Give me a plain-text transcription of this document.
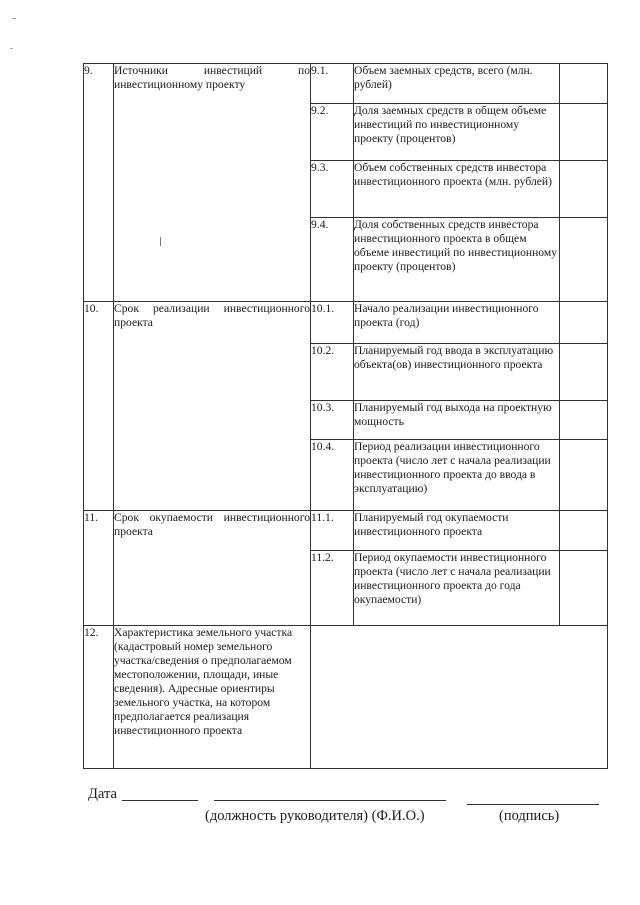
9.	Источники инвестиций по инвестиционному проекту	9.1.	Объем заемных средств, всего (млн. рублей)	
		9.2.	Доля заемных средств в общем объеме инвестиций по инвестиционному проекту (процентов)	
		9.3.	Объем собственных средств инвестора инвестиционного проекта (млн. рублей)	
		9.4.	Доля собственных средств инвестора инвестиционного проекта в общем объеме инвестиций по инвестиционному проекту (процентов)	
10.	Срок реализации инвестиционного проекта	10.1.	Начало реализации инвестиционного проекта (год)	
		10.2.	Планируемый год ввода в эксплуатацию объекта(ов) инвестиционного проекта	
		10.3.	Планируемый год выхода на проектную мощность	
		10.4.	Период реализации инвестиционного проекта (число лет с начала реализации инвестиционного проекта до ввода в эксплуатацию)	
11.	Срок окупаемости инвестиционного проекта	11.1.	Планируемый год окупаемости инвестиционного проекта	
		11.2.	Период окупаемости инвестиционного проекта (число лет с начала реализации инвестиционного проекта до года окупаемости)	
12.	Характеристика земельного участка (кадастровый номер земельного участка/сведения о предполагаемом местоположении, площади, иные сведения). Адресные ориентиры земельного участка, на котором предполагается реализация инвестиционного проекта			
Дата
(должность руководителя) (Ф.И.О.)	(подпись)
